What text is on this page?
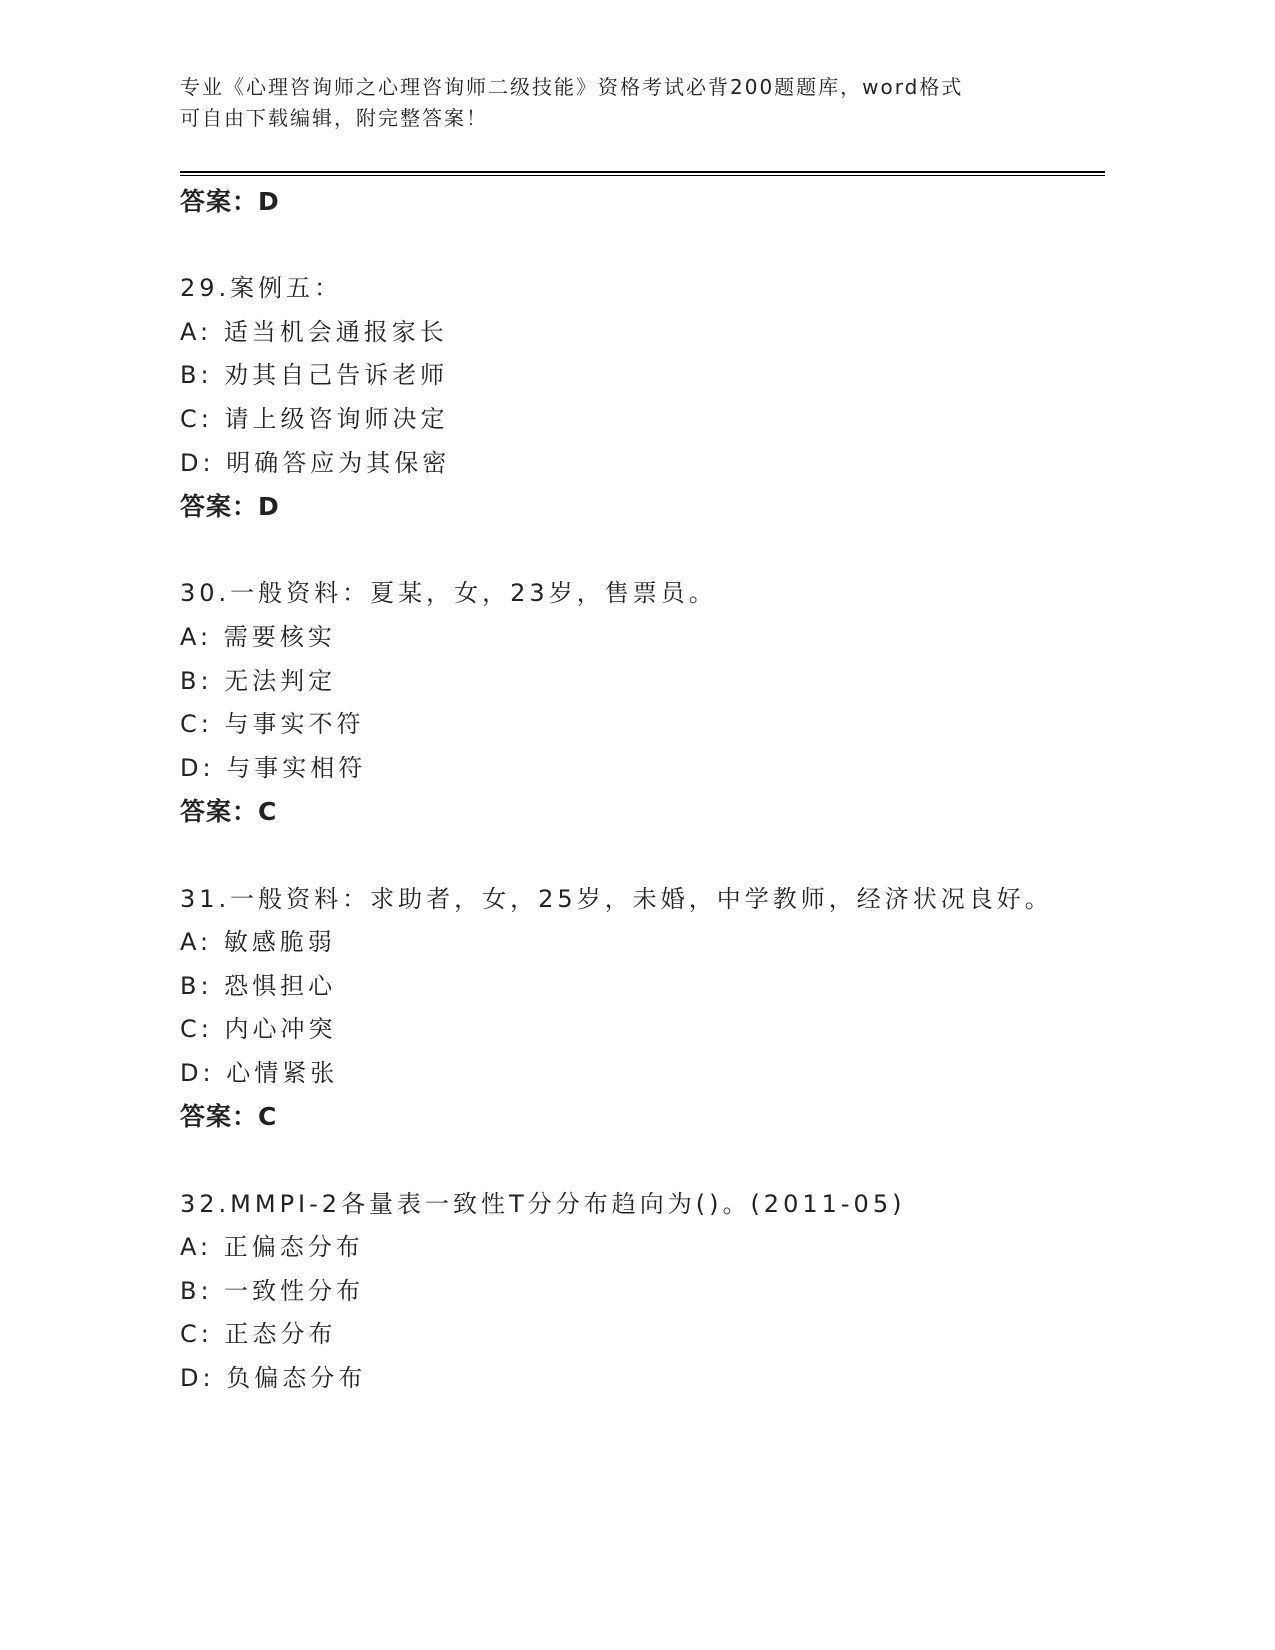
专业《心理咨询师之心理咨询师二级技能》资格考试必背200题题库，word格式
可自由下载编辑，附完整答案！
答案：D
29.案例五：
A: 适当机会通报家长
B: 劝其自己告诉老师
C: 请上级咨询师决定
D: 明确答应为其保密
答案：D
30.一般资料：夏某，女，23岁，售票员。
A: 需要核实
B: 无法判定
C: 与事实不符
D: 与事实相符
答案：C
31.一般资料：求助者，女，25岁，未婚，中学教师，经济状况良好。
A: 敏感脆弱
B: 恐惧担心
C: 内心冲突
D: 心情紧张
答案：C
32.MMPI-2各量表一致性T分分布趋向为()。(2011-05)
A: 正偏态分布
B: 一致性分布
C: 正态分布
D: 负偏态分布
